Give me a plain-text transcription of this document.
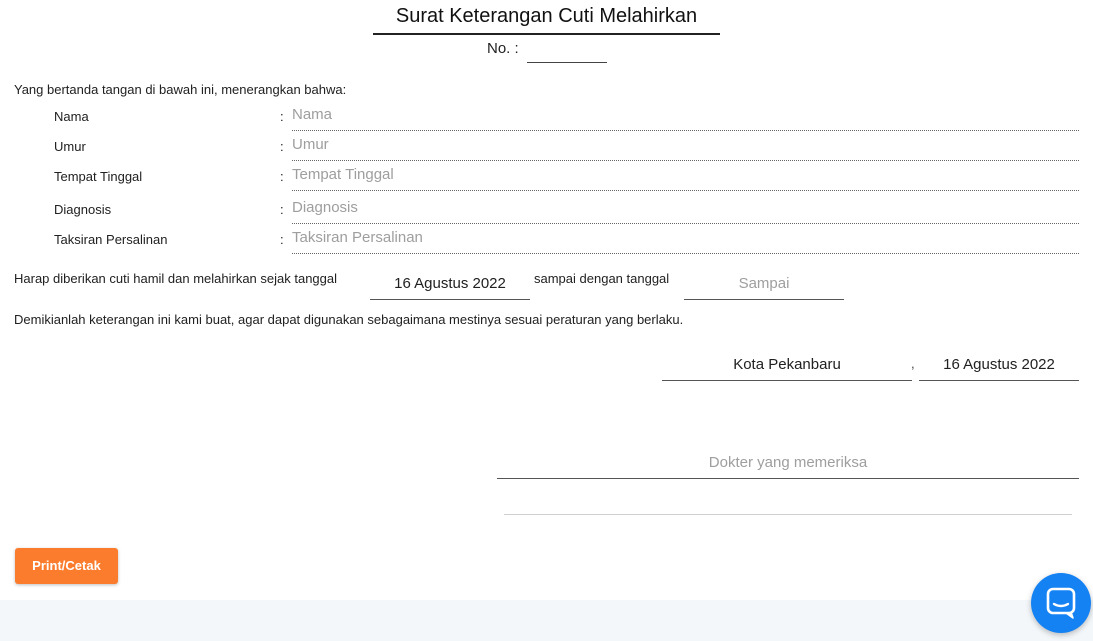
Surat Keterangan Cuti Melahirkan
No. :
Yang bertanda tangan di bawah ini, menerangkan bahwa:
Nama	: Nama
Umur	: Umur
Tempat Tinggal	: Tempat Tinggal
Diagnosis	: Diagnosis
Taksiran Persalinan	: Taksiran Persalinan
Harap diberikan cuti hamil dan melahirkan sejak tanggal	16 Agustus 2022	sampai dengan tanggal	Sampai
Demikianlah keterangan ini kami buat, agar dapat digunakan sebagaimana mestinya sesuai peraturan yang berlaku.
Kota Pekanbaru	,	16 Agustus 2022
Dokter yang memeriksa
Print/Cetak
